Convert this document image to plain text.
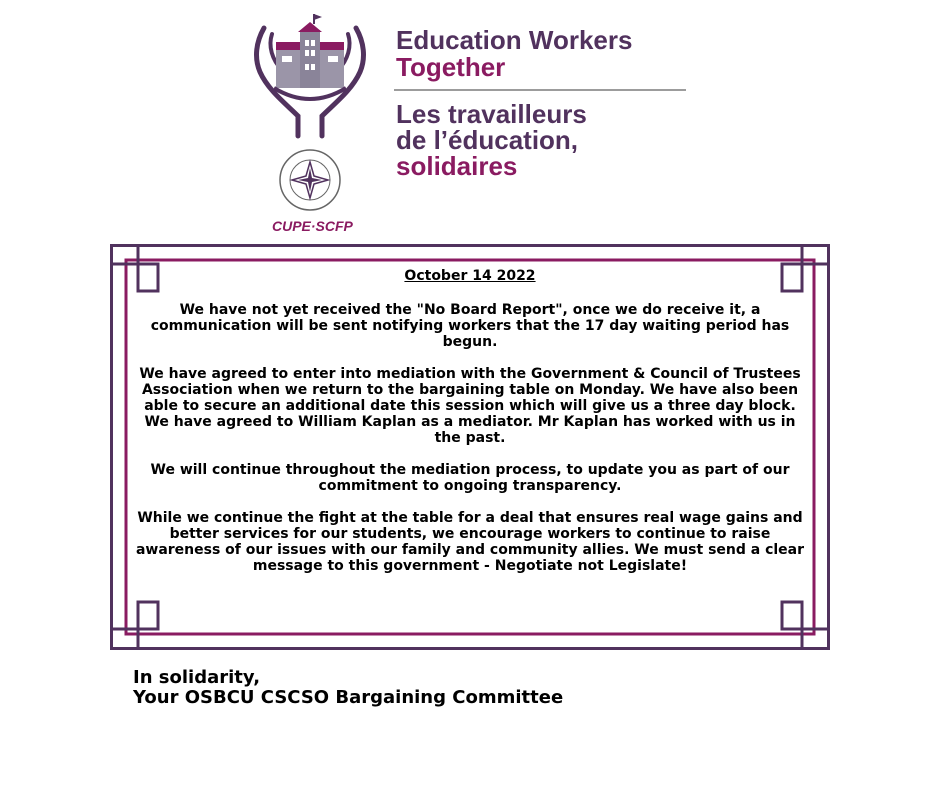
CUPE·SCFP
Education Workers
Together
Les travailleurs
de l’éducation,
solidaires
October 14 2022

We have not yet received the "No Board Report", once we do receive it, a communication will be sent notifying workers that the 17 day waiting period has begun.

We have agreed to enter into mediation with the Government & Council of Trustees Association when we return to the bargaining table on Monday. We have also been able to secure an additional date this session which will give us a three day block. We have agreed to William Kaplan as a mediator. Mr Kaplan has worked with us in the past.

We will continue throughout the mediation process, to update you as part of our commitment to ongoing transparency.

While we continue the fight at the table for a deal that ensures real wage gains and better services for our students, we encourage workers to continue to raise awareness of our issues with our family and community allies. We must send a clear message to this government - Negotiate not Legislate!

In solidarity,
Your OSBCU CSCSO Bargaining Committee
